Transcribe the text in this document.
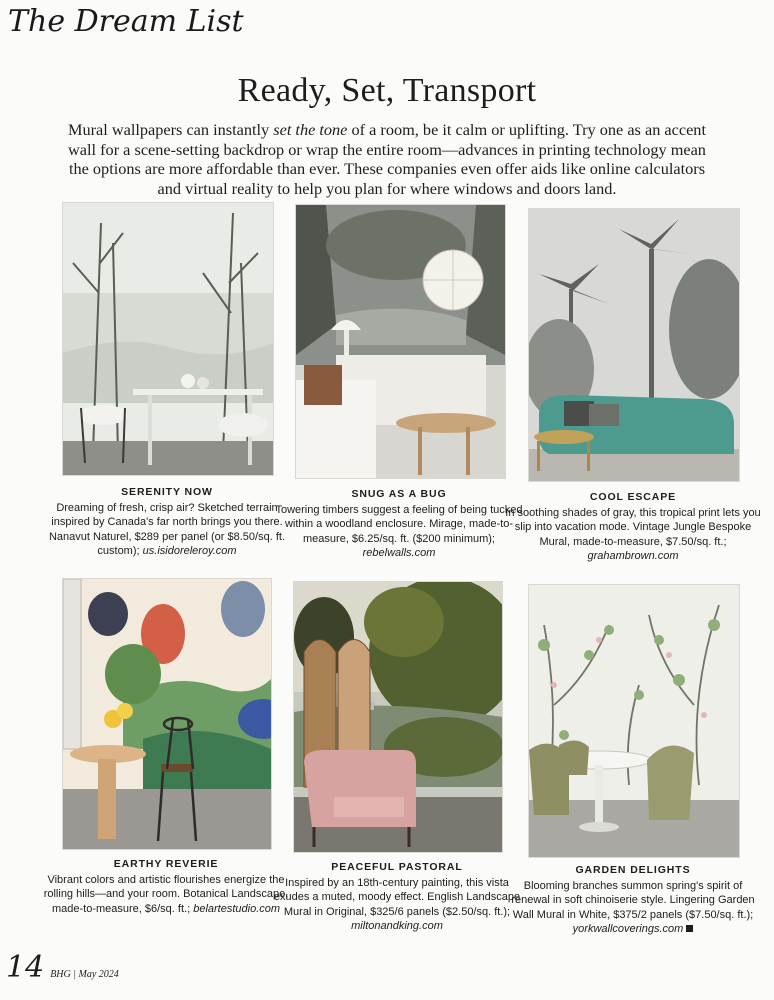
The Dream List
Ready, Set, Transport

Mural wallpapers can instantly set the tone of a room, be it calm or uplifting. Try one as an accent wall for a scene-setting backdrop or wrap the entire room—advances in printing technology mean the options are more affordable than ever. These companies even offer aids like online calculators and virtual reality to help you plan for where windows and doors land.

SERENITY NOW

Dreaming of fresh, crisp air? Sketched terrain inspired by Canada's far north brings you there. Nanavut Naturel, $289 per panel (or $8.50/sq. ft. custom); us.isidoreleroy.com

SNUG AS A BUG

Towering timbers suggest a feeling of being tucked within a woodland enclosure. Mirage, made-to-measure, $6.25/sq. ft. ($200 minimum); rebelwalls.com

COOL ESCAPE

In soothing shades of gray, this tropical print lets you slip into vacation mode. Vintage Jungle Bespoke Mural, made-to-measure, $7.50/sq. ft.; grahambrown.com

EARTHY REVERIE

Vibrant colors and artistic flourishes energize the rolling hills—and your room. Botanical Landscape, made-to-measure, $6/sq. ft.; belartestudio.com

PEACEFUL PASTORAL

Inspired by an 18th-century painting, this vista exudes a muted, moody effect. English Landscape Mural in Original, $325/6 panels ($2.50/sq. ft.); miltonandking.com

GARDEN DELIGHTS

Blooming branches summon spring's spirit of renewal in soft chinoiserie style. Lingering Garden Wall Mural in White, $375/2 panels ($7.50/sq. ft.); yorkwallcoverings.com

14 BHG | May 2024
